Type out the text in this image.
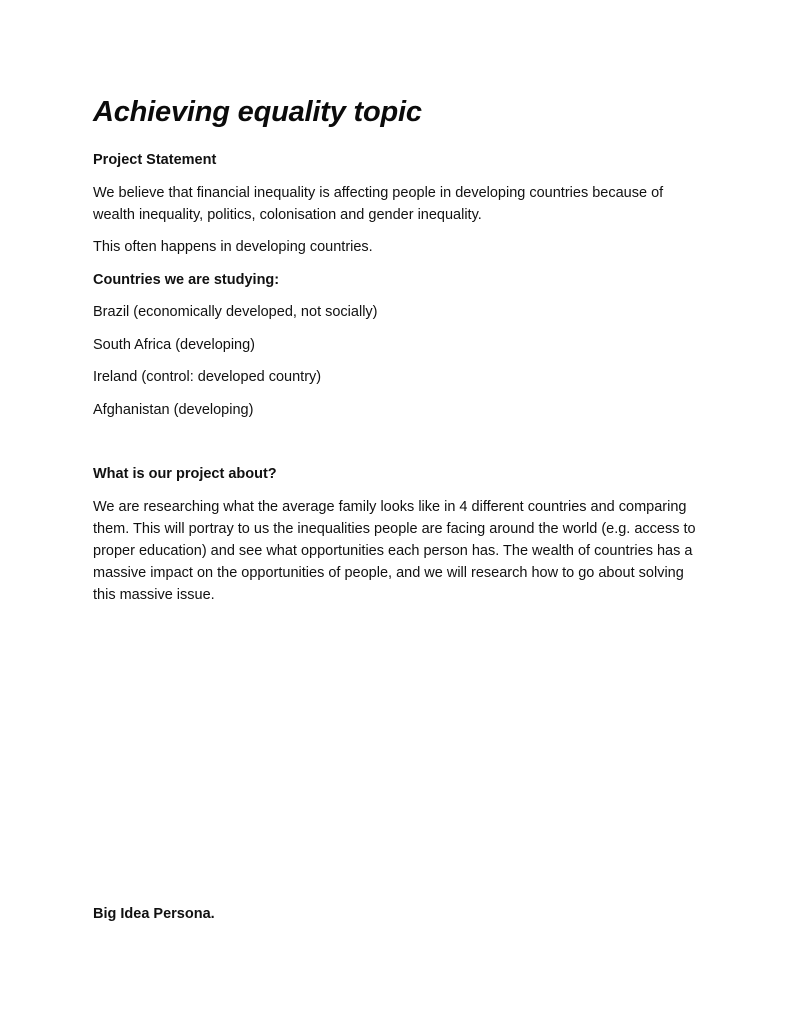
Achieving equality topic

Project Statement

We believe that financial inequality is affecting people in developing countries because of wealth inequality, politics, colonisation and gender inequality.

This often happens in developing countries.

Countries we are studying:

Brazil (economically developed, not socially)

South Africa (developing)

Ireland (control: developed country)

Afghanistan (developing)

What is our project about?

We are researching what the average family looks like in 4 different countries and comparing them. This will portray to us the inequalities people are facing around the world (e.g. access to proper education) and see what opportunities each person has. The wealth of countries has a massive impact on the opportunities of people, and we will research how to go about solving this massive issue.

Big Idea Persona.
